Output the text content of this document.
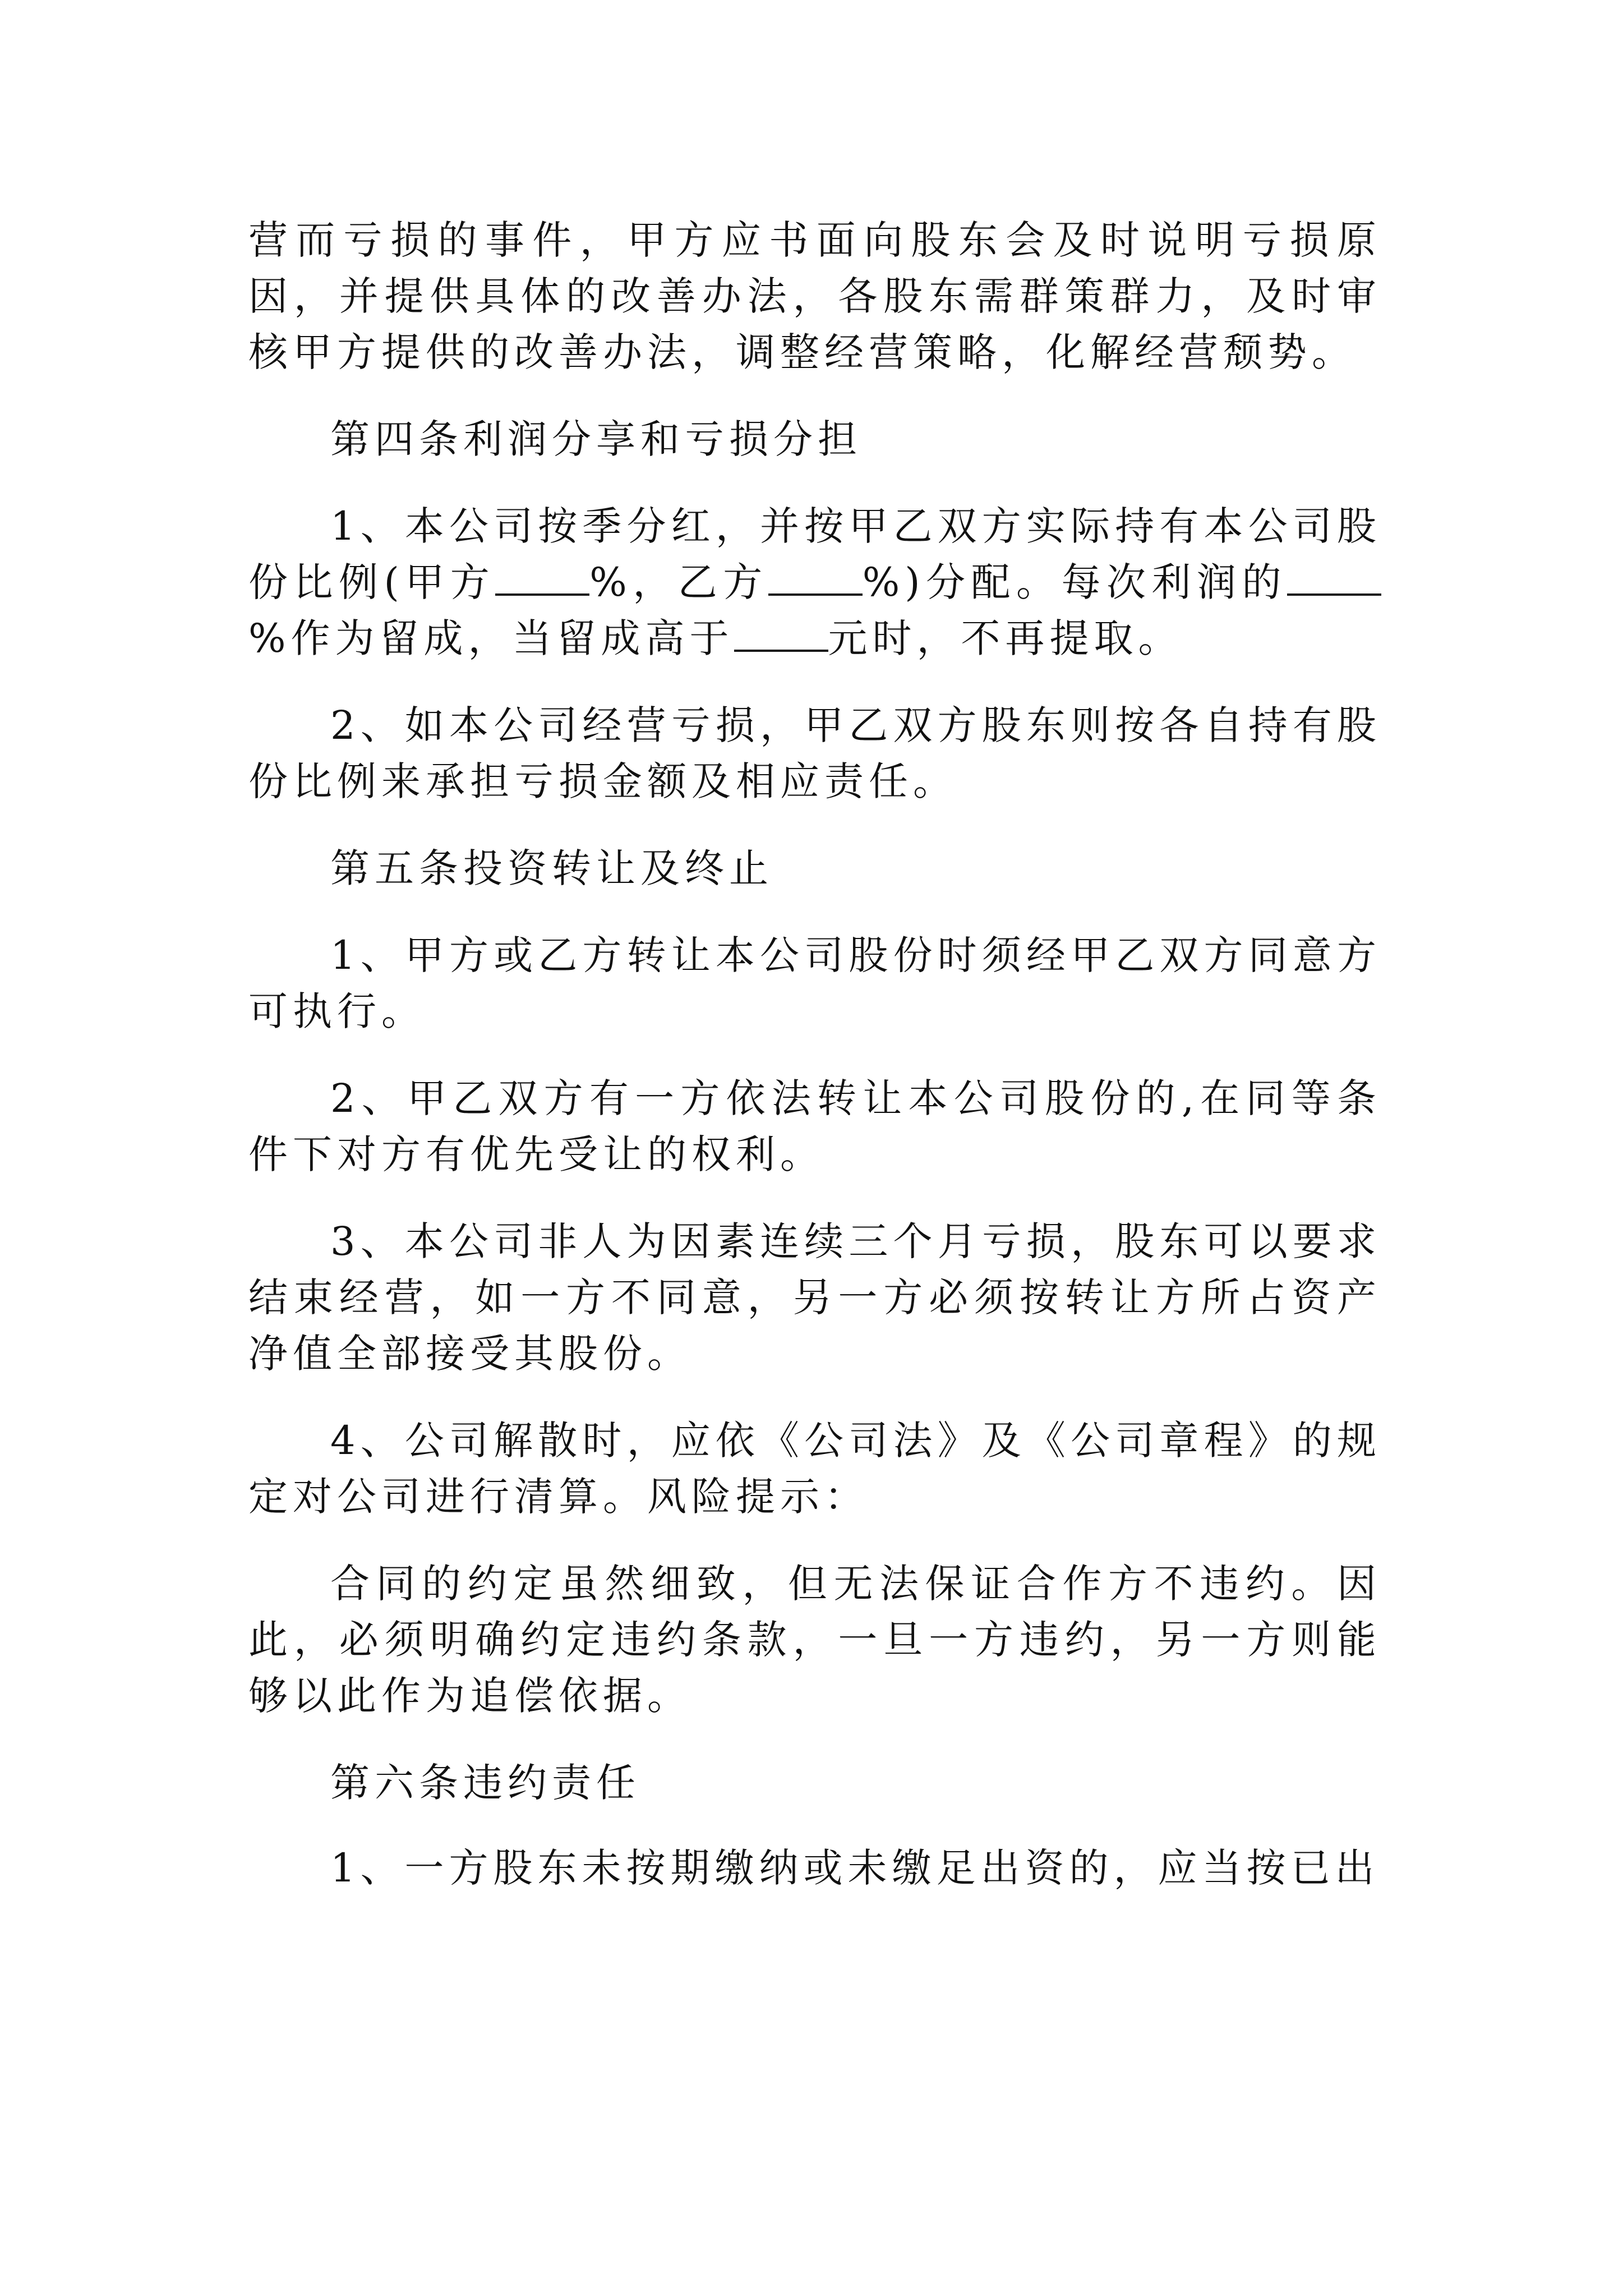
营而亏损的事件，甲方应书面向股东会及时说明亏损原因，并提供具体的改善办法，各股东需群策群力，及时审核甲方提供的改善办法，调整经营策略，化解经营颓势。

第四条利润分享和亏损分担

1、本公司按季分红，并按甲乙双方实际持有本公司股份比例(甲方 %，乙方 %)分配。每次利润的%作为留成，当留成高于 元时，不再提取。

2、如本公司经营亏损，甲乙双方股东则按各自持有股份比例来承担亏损金额及相应责任。

第五条投资转让及终止

1、甲方或乙方转让本公司股份时须经甲乙双方同意方可执行。

2、甲乙双方有一方依法转让本公司股份的,在同等条件下对方有优先受让的权利。

3、本公司非人为因素连续三个月亏损，股东可以要求结束经营，如一方不同意，另一方必须按转让方所占资产净值全部接受其股份。

4、公司解散时，应依《公司法》及《公司章程》的规定对公司进行清算。风险提示：

合同的约定虽然细致，但无法保证合作方不违约。因此，必须明确约定违约条款，一旦一方违约，另一方则能够以此作为追偿依据。

第六条违约责任

1、一方股东未按期缴纳或未缴足出资的，应当按已出
